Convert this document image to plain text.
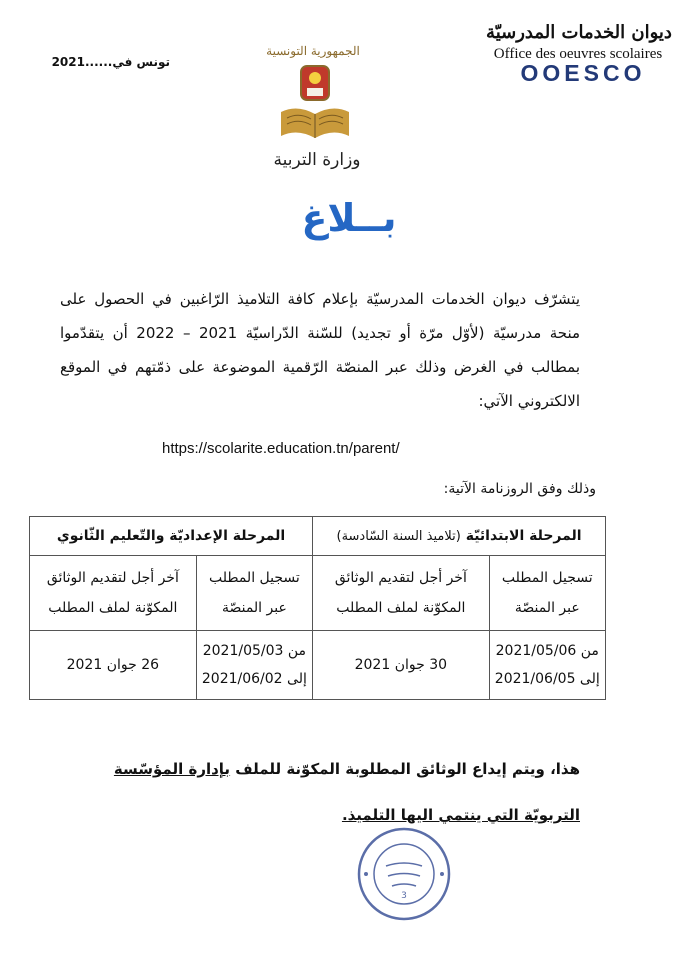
ديوان الخدمات المدرسيّة
Office des oeuvres scolaires
OOESCO
الجمهورية التونسية
وزارة التربية
تونس في......2021
بــلاغ
يتشرّف ديوان الخدمات المدرسيّة بإعلام كافة التلاميذ الرّاغبين في الحصول على منحة مدرسيّة (لأوّل مرّة أو تجديد) للسّنة الدّراسيّة 2021 – 2022 أن يتقدّموا بمطالب في الغرض وذلك عبر المنصّة الرّقمية الموضوعة على ذمّتهم في الموقع الالكتروني الآتي:
https://scolarite.education.tn/parent/
وذلك وفق الروزنامة الآتية:
المرحلة الابتدائيّة (تلاميذ السنة السّادسة)		المرحلة الإعداديّة والتّعليم الثّانوي	
تسجيل المطلب عبر المنصّة	آخر أجل لتقديم الوثائق المكوّنة لملف المطلب	تسجيل المطلب عبر المنصّة	آخر أجل لتقديم الوثائق المكوّنة لملف المطلب
من 2021/05/06 إلى 2021/06/05	30 جوان 2021	من 2021/05/03 إلى 2021/06/02	26 جوان 2021
هذا، ويتم إيداع الوثائق المطلوبة المكوّنة للملف بإدارة المؤسّسة التربويّة التي ينتمي اليها التلميذ.
3
